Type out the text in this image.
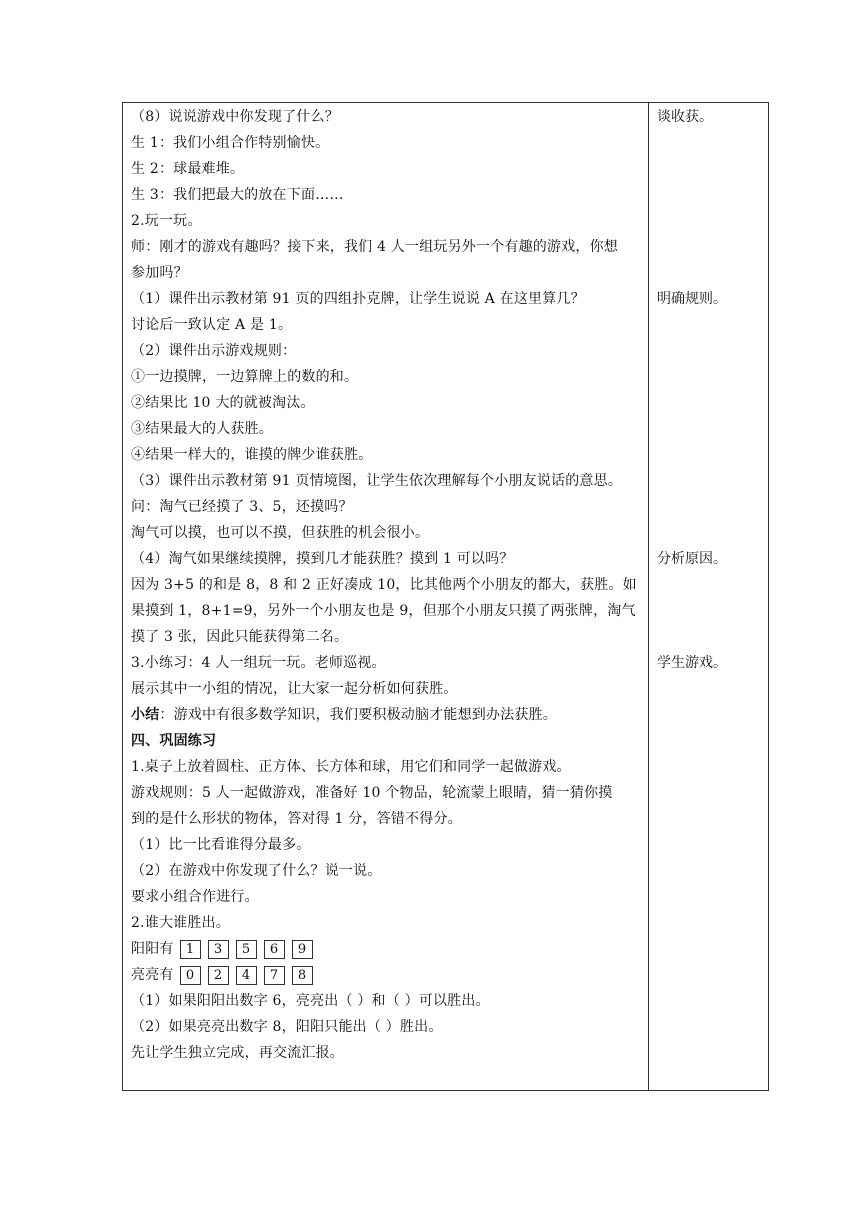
（8）说说游戏中你发现了什么？
生 1：我们小组合作特别愉快。
生 2：球最难堆。
生 3：我们把最大的放在下面……
2.玩一玩。
师：刚才的游戏有趣吗？接下来，我们 4 人一组玩另外一个有趣的游戏，你想
参加吗？
（1）课件出示教材第 91 页的四组扑克牌，让学生说说 A 在这里算几？
讨论后一致认定 A 是 1。
（2）课件出示游戏规则：
①一边摸牌，一边算牌上的数的和。
②结果比 10 大的就被淘汰。
③结果最大的人获胜。
④结果一样大的，谁摸的牌少谁获胜。
（3）课件出示教材第 91 页情境图，让学生依次理解每个小朋友说话的意思。
问：淘气已经摸了 3、5，还摸吗？
淘气可以摸，也可以不摸，但获胜的机会很小。
（4）淘气如果继续摸牌，摸到几才能获胜？摸到 1 可以吗？
因为 3+5 的和是 8，8 和 2 正好凑成 10，比其他两个小朋友的都大，获胜。如
果摸到 1，8+1=9，另外一个小朋友也是 9，但那个小朋友只摸了两张牌，淘气
摸了 3 张，因此只能获得第二名。
3.小练习：4 人一组玩一玩。老师巡视。
展示其中一小组的情况，让大家一起分析如何获胜。
小结：游戏中有很多数学知识，我们要积极动脑才能想到办法获胜。
四、巩固练习
1.桌子上放着圆柱、正方体、长方体和球，用它们和同学一起做游戏。
游戏规则：5 人一起做游戏，准备好 10 个物品，轮流蒙上眼睛，猜一猜你摸
到的是什么形状的物体，答对得 1 分，答错不得分。
（1）比一比看谁得分最多。
（2）在游戏中你发现了什么？说一说。
要求小组合作进行。
2.谁大谁胜出。
阳阳有 1	3	5	6	9
亮亮有 0	2	4	7	8
（1）如果阳阳出数字 6，亮亮出（ ）和（ ）可以胜出。
（2）如果亮亮出数字 8，阳阳只能出（ ）胜出。
先让学生独立完成，再交流汇报。
谈收获。
明确规则。
分析原因。
学生游戏。
